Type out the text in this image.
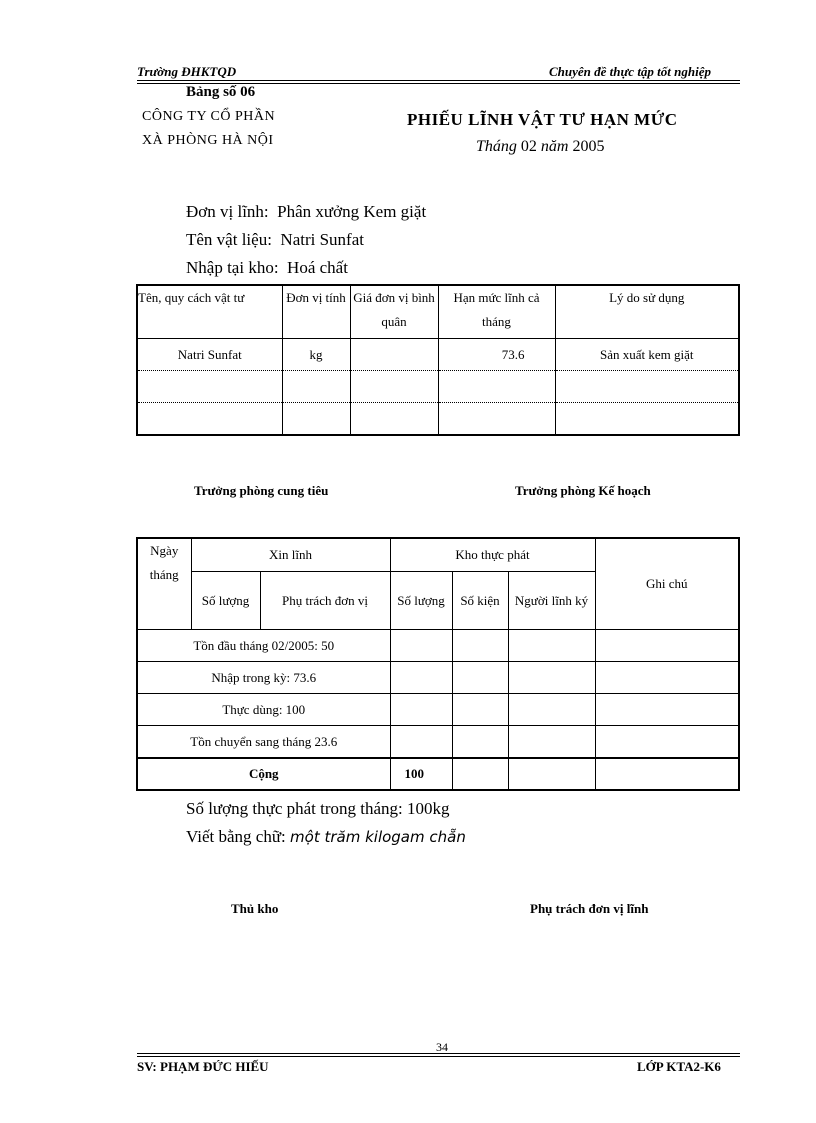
Trường ĐHKTQD	Chuyên đề thực tập tốt nghiệp
Bảng số 06
CÔNG TY CỔ PHẦN
XÀ PHÒNG HÀ NỘI
PHIẾU LĨNH VẬT TƯ HẠN MỨC
Tháng 02 năm 2005
Đơn vị lĩnh: Phân xưởng Kem giặt
Tên vật liệu: Natri Sunfat
Nhập tại kho: Hoá chất
Tên, quy cách vật tư	Đơn vị tính	Giá đơn vị bình quân	Hạn mức lĩnh cả tháng	Lý do sử dụng
Natri Sunfat	kg		73.6	Sản xuất kem giặt

Trưởng phòng cung tiêu	Trưởng phòng Kế hoạch
Ngày tháng	Xin lĩnh		Kho thực phát			Ghi chú
	Số lượng	Phụ trách đơn vị	Số lượng	Số kiện	Người lĩnh ký	
Tồn đầu tháng 02/2005: 50						
Nhập trong kỳ: 73.6						
Thực dùng: 100						
Tồn chuyển sang tháng 23.6						
Cộng			100			
Số lượng thực phát trong tháng: 100kg
Viết bằng chữ: một trăm kilogam chẵn
Thủ kho	Phụ trách đơn vị lĩnh
34
SV: PHẠM ĐỨC HIẾU	LỚP KTA2-K6
